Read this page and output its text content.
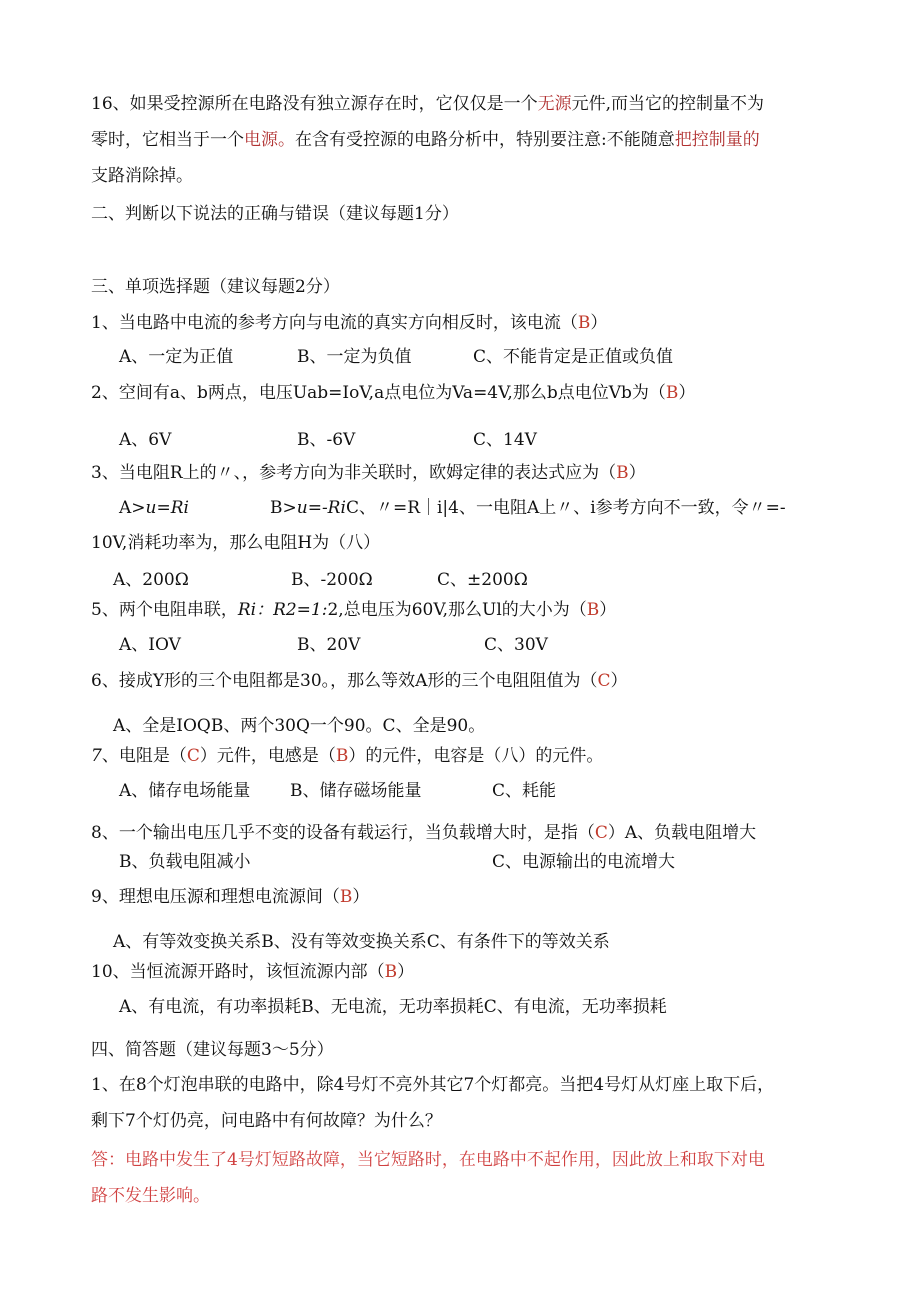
16、如果受控源所在电路没有独立源存在时，它仅仅是一个无源元件,而当它的控制量不为
零时，它相当于一个电源。在含有受控源的电路分析中，特别要注意:不能随意把控制量的
支路消除掉。
二、判断以下说法的正确与错误（建议每题1分）
三、单项选择题（建议每题2分）
1、当电路中电流的参考方向与电流的真实方向相反时，该电流（B）
A、一定为正值	B、一定为负值	C、不能肯定是正值或负值
2、空间有a、b两点，电压Uab=IoV,a点电位为Va=4V,那么b点电位Vb为（B）
A、6V	B、-6V	C、14V
3、当电阻R上的〃、，参考方向为非关联时，欧姆定律的表达式应为（B）
A>u=Ri	B>u=-RiC、〃=R｜i|4、一电阻A上〃、i参考方向不一致，令〃=-
10V,消耗功率为，那么电阻H为（八）
A、200Ω	B、-200Ω	C、±200Ω
5、两个电阻串联，Ri：R2=1:2,总电压为60V,那么Ul的大小为（B）
A、IOV	B、20V	C、30V
6、接成Y形的三个电阻都是30。，那么等效A形的三个电阻阻值为（C）
A、全是IOQB、两个30Q一个90。C、全是90。
7、电阻是（C）元件，电感是（B）的元件，电容是（八）的元件。
A、储存电场能量 B、储存磁场能量	C、耗能
8、一个输出电压几乎不变的设备有载运行，当负载增大时，是指（C）A、负载电阻增大
B、负载电阻减小	C、电源输出的电流增大
9、理想电压源和理想电流源间（B）
A、有等效变换关系B、没有等效变换关系C、有条件下的等效关系
10、当恒流源开路时，该恒流源内部（B）
A、有电流，有功率损耗B、无电流，无功率损耗C、有电流，无功率损耗
四、简答题（建议每题3～5分）
1、在8个灯泡串联的电路中，除4号灯不亮外其它7个灯都亮。当把4号灯从灯座上取下后，
剩下7个灯仍亮，问电路中有何故障？为什么？
答：电路中发生了4号灯短路故障，当它短路时，在电路中不起作用，因此放上和取下对电
路不发生影响。
